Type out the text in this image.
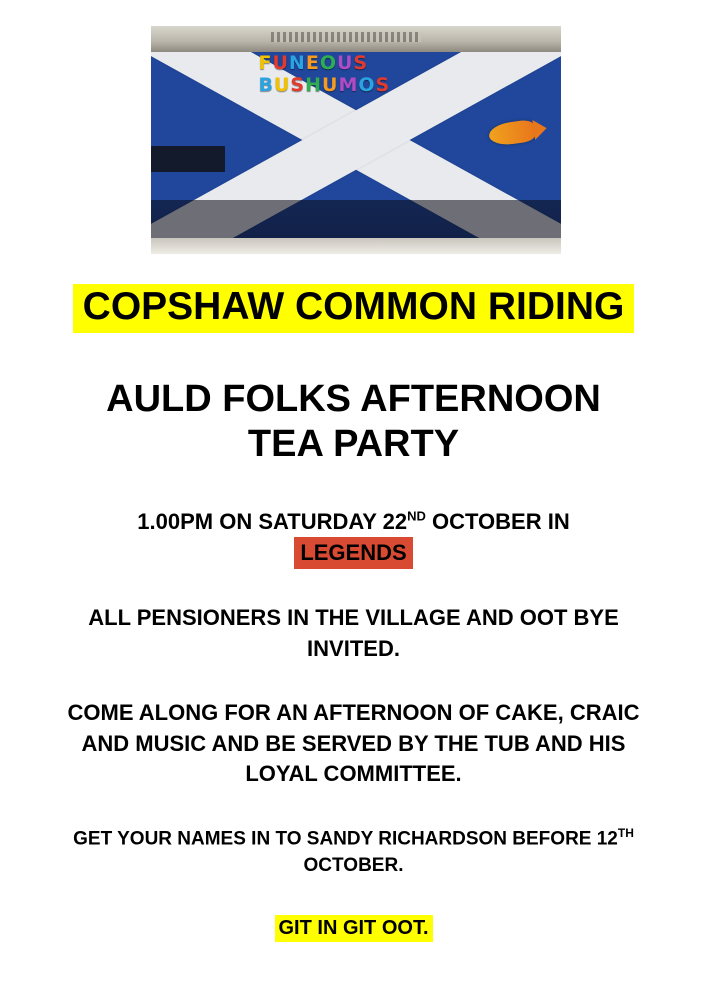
FUNEOUS
BUSHUMOS
COPSHAW COMMON RIDING
AULD FOLKS AFTERNOON
TEA PARTY
1.00PM ON SATURDAY 22ND OCTOBER IN
LEGENDS
ALL PENSIONERS IN THE VILLAGE AND OOT BYE INVITED.
COME ALONG FOR AN AFTERNOON OF CAKE, CRAIC AND MUSIC AND BE SERVED BY THE TUB AND HIS LOYAL COMMITTEE.
GET YOUR NAMES IN TO SANDY RICHARDSON BEFORE 12TH OCTOBER.
GIT IN GIT OOT.
